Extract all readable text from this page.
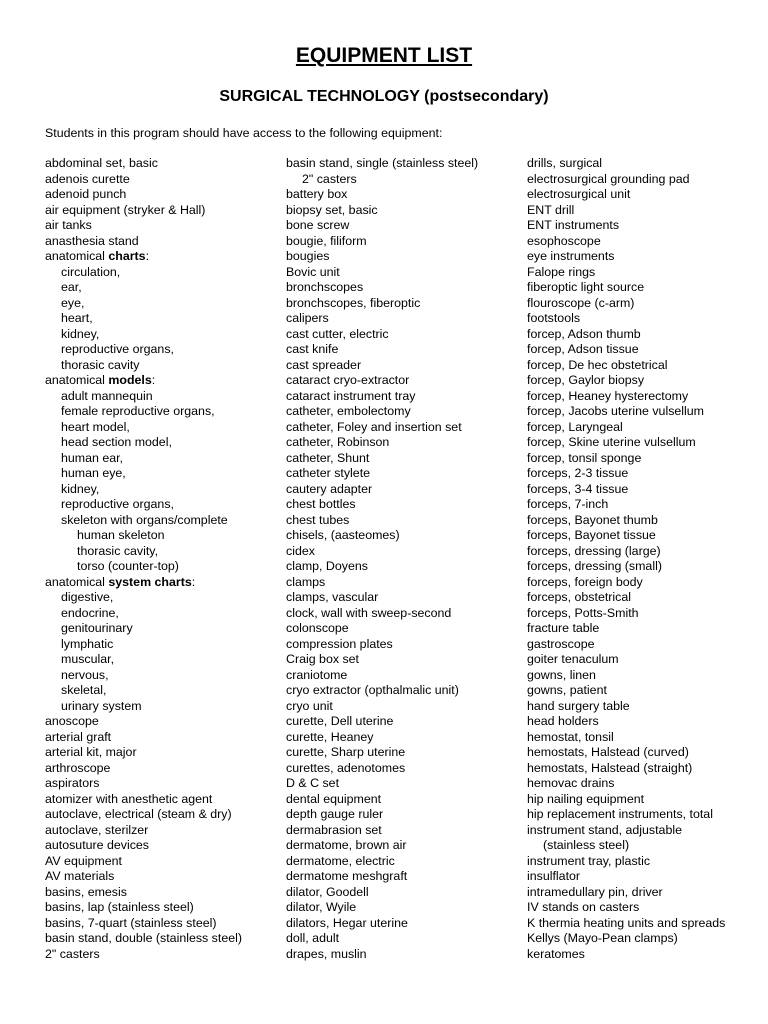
EQUIPMENT LIST
SURGICAL TECHNOLOGY (postsecondary)

Students in this program should have access to the following equipment:

abdominal set, basic
adenois curette
adenoid punch
air equipment (stryker & Hall)
air tanks
anasthesia stand
anatomical charts:
circulation,
ear,
eye,
heart,
kidney,
reproductive organs,
thorasic cavity
anatomical models:
adult mannequin
female reproductive organs,
heart model,
head section model,
human ear,
human eye,
kidney,
reproductive organs,
skeleton with organs/complete
human skeleton
thorasic cavity,
torso (counter-top)
anatomical system charts:
digestive,
endocrine,
genitourinary
lymphatic
muscular,
nervous,
skeletal,
urinary system
anoscope
arterial graft
arterial kit, major
arthroscope
aspirators
atomizer with anesthetic agent
autoclave, electrical (steam & dry)
autoclave, sterilzer
autosuture devices
AV equipment
AV materials
basins, emesis
basins, lap (stainless steel)
basins, 7-quart (stainless steel)
basin stand, double (stainless steel)
2" casters
basin stand, single (stainless steel)
2" casters
battery box
biopsy set, basic
bone screw
bougie, filiform
bougies
Bovic unit
bronchscopes
bronchscopes, fiberoptic
calipers
cast cutter, electric
cast knife
cast spreader
cataract cryo-extractor
cataract instrument tray
catheter, embolectomy
catheter, Foley and insertion set
catheter, Robinson
catheter, Shunt
catheter stylete
cautery adapter
chest bottles
chest tubes
chisels, (aasteomes)
cidex
clamp, Doyens
clamps
clamps, vascular
clock, wall with sweep-second
colonscope
compression plates
Craig box set
craniotome
cryo extractor (opthalmalic unit)
cryo unit
curette, Dell uterine
curette, Heaney
curette, Sharp uterine
curettes, adenotomes
D & C set
dental equipment
depth gauge ruler
dermabrasion set
dermatome, brown air
dermatome, electric
dermatome meshgraft
dilator, Goodell
dilator, Wyile
dilators, Hegar uterine
doll, adult
drapes, muslin
drills, surgical
electrosurgical grounding pad
electrosurgical unit
ENT drill
ENT instruments
esophoscope
eye instruments
Falope rings
fiberoptic light source
flouroscope (c-arm)
footstools
forcep, Adson thumb
forcep, Adson tissue
forcep, De hec obstetrical
forcep, Gaylor biopsy
forcep, Heaney hysterectomy
forcep, Jacobs uterine vulsellum
forcep, Laryngeal
forcep, Skine uterine vulsellum
forcep, tonsil sponge
forceps, 2-3 tissue
forceps, 3-4 tissue
forceps, 7-inch
forceps, Bayonet thumb
forceps, Bayonet tissue
forceps, dressing (large)
forceps, dressing (small)
forceps, foreign body
forceps, obstetrical
forceps, Potts-Smith
fracture table
gastroscope
goiter tenaculum
gowns, linen
gowns, patient
hand surgery table
head holders
hemostat, tonsil
hemostats, Halstead (curved)
hemostats, Halstead (straight)
hemovac drains
hip nailing equipment
hip replacement instruments, total
instrument stand, adjustable
(stainless steel)
instrument tray, plastic
insulflator
intramedullary pin, driver
IV stands on casters
K thermia heating units and spreads
Kellys (Mayo-Pean clamps)
keratomes
